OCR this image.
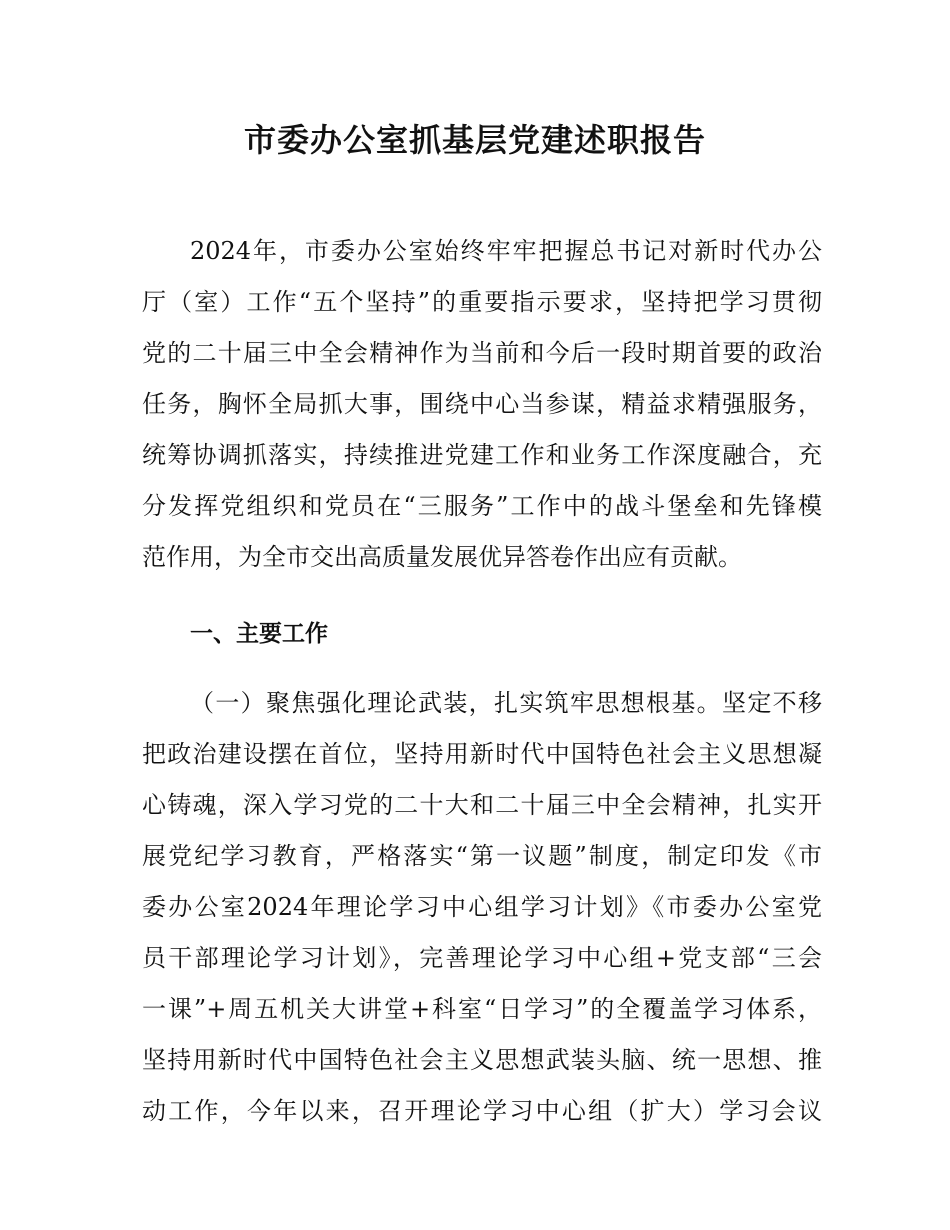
市委办公室抓基层党建述职报告

2024年，市委办公室始终牢牢把握总书记对新时代办公

厅（室）工作“五个坚持”的重要指示要求，坚持把学习贯彻

党的二十届三中全会精神作为当前和今后一段时期首要的政治

任务，胸怀全局抓大事，围绕中心当参谋，精益求精强服务，

统筹协调抓落实，持续推进党建工作和业务工作深度融合，充

分发挥党组织和党员在“三服务”工作中的战斗堡垒和先锋模

范作用，为全市交出高质量发展优异答卷作出应有贡献。

一、主要工作

（一）聚焦强化理论武装，扎实筑牢思想根基。坚定不移

把政治建设摆在首位，坚持用新时代中国特色社会主义思想凝

心铸魂，深入学习党的二十大和二十届三中全会精神，扎实开

展党纪学习教育，严格落实“第一议题”制度，制定印发《市

委办公室2024年理论学习中心组学习计划》《市委办公室党

员干部理论学习计划》，完善理论学习中心组+党支部“三会

一课”+周五机关大讲堂+科室“日学习”的全覆盖学习体系，

坚持用新时代中国特色社会主义思想武装头脑、统一思想、推

动工作，今年以来，召开理论学习中心组（扩大）学习会议
